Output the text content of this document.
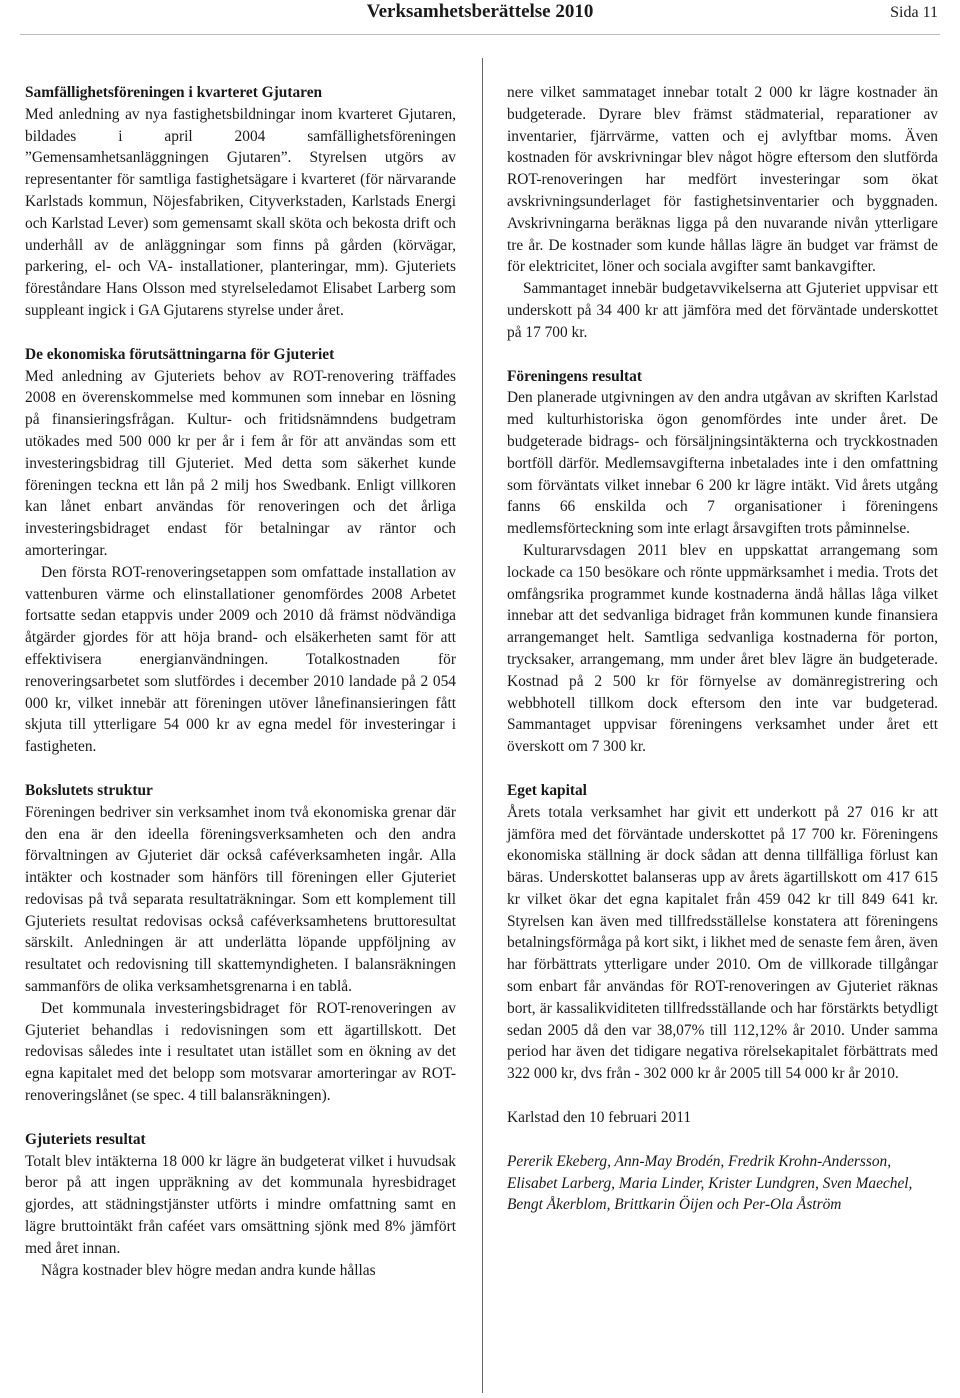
Verksamhetsberättelse 2010	Sida 11

Samfällighetsföreningen i kvarteret Gjutaren

Med anledning av nya fastighetsbildningar inom kvarteret Gjutaren, bildades i april 2004 samfällighetsföreningen ”Gemensamhetsanläggningen Gjutaren”. Styrelsen utgörs av representanter för samtliga fastighetsägare i kvarteret (för närvarande Karlstads kommun, Nöjesfabriken, Cityverkstaden, Karlstads Energi och Karlstad Lever) som gemensamt skall sköta och bekosta drift och underhåll av de anläggningar som finns på gården (körvägar, parkering, el- och VA- installationer, planteringar, mm). Gjuteriets föreståndare Hans Olsson med styrelseledamot Elisabet Larberg som suppleant ingick i GA Gjutarens styrelse under året.

De ekonomiska förutsättningarna för Gjuteriet

Med anledning av Gjuteriets behov av ROT-renovering träffades 2008 en överenskommelse med kommunen som innebar en lösning på finansieringsfrågan. Kultur- och fritidsnämndens budgetram utökades med 500 000 kr per år i fem år för att användas som ett investeringsbidrag till Gjuteriet. Med detta som säkerhet kunde föreningen teckna ett lån på 2 milj hos Swedbank. Enligt villkoren kan lånet enbart användas för renoveringen och det årliga investeringsbidraget endast för betalningar av räntor och amorteringar.

Den första ROT-renoveringsetappen som omfattade installation av vattenburen värme och elinstallationer genomfördes 2008 Arbetet fortsatte sedan etappvis under 2009 och 2010 då främst nödvändiga åtgärder gjordes för att höja brand- och elsäkerheten samt för att effektivisera energianvändningen. Totalkostnaden för renoveringsarbetet som slutfördes i december 2010 landade på 2 054 000 kr, vilket innebär att föreningen utöver lånefinansieringen fått skjuta till ytterligare 54 000 kr av egna medel för investeringar i fastigheten.

Bokslutets struktur

Föreningen bedriver sin verksamhet inom två ekonomiska grenar där den ena är den ideella föreningsverksamheten och den andra förvaltningen av Gjuteriet där också caféverksamheten ingår. Alla intäkter och kostnader som hänförs till föreningen eller Gjuteriet redovisas på två separata resultaträkningar. Som ett komplement till Gjuteriets resultat redovisas också caféverksamhetens bruttoresultat särskilt. Anledningen är att underlätta löpande uppföljning av resultatet och redovisning till skattemyndigheten. I balansräkningen sammanförs de olika verksamhetsgrenarna i en tablå.

Det kommunala investeringsbidraget för ROT-renoveringen av Gjuteriet behandlas i redovisningen som ett ägartillskott. Det redovisas således inte i resultatet utan istället som en ökning av det egna kapitalet med det belopp som motsvarar amorteringar av ROT-renoveringslånet (se spec. 4 till balansräkningen).

Gjuteriets resultat

Totalt blev intäkterna 18 000 kr lägre än budgeterat vilket i huvudsak beror på att ingen uppräkning av det kommunala hyresbidraget gjordes, att städningstjänster utförts i mindre omfattning samt en lägre bruttointäkt från caféet vars omsättning sjönk med 8% jämfört med året innan.

Några kostnader blev högre medan andra kunde hållas

nere vilket sammataget innebar totalt 2 000 kr lägre kostnader än budgeterade. Dyrare blev främst städmaterial, reparationer av inventarier, fjärrvärme, vatten och ej avlyftbar moms. Även kostnaden för avskrivningar blev något högre eftersom den slutförda ROT-renoveringen har medfört investeringar som ökat avskrivningsunderlaget för fastighetsinventarier och byggnaden. Avskrivningarna beräknas ligga på den nuvarande nivån ytterligare tre år. De kostnader som kunde hållas lägre än budget var främst de för elektricitet, löner och sociala avgifter samt bankavgifter.

Sammantaget innebär budgetavvikelserna att Gjuteriet uppvisar ett underskott på 34 400 kr att jämföra med det förväntade underskottet på 17 700 kr.

Föreningens resultat

Den planerade utgivningen av den andra utgåvan av skriften Karlstad med kulturhistoriska ögon genomfördes inte under året. De budgeterade bidrags- och försäljningsintäkterna och tryckkostnaden bortföll därför. Medlemsavgifterna inbetalades inte i den omfattning som förväntats vilket innebar 6 200 kr lägre intäkt. Vid årets utgång fanns 66 enskilda och 7 organisationer i föreningens medlemsförteckning som inte erlagt årsavgiften trots påminnelse.

Kulturarvsdagen 2011 blev en uppskattat arrangemang som lockade ca 150 besökare och rönte uppmärksamhet i media. Trots det omfångsrika programmet kunde kostnaderna ändå hållas låga vilket innebar att det sedvanliga bidraget från kommunen kunde finansiera arrangemanget helt. Samtliga sedvanliga kostnaderna för porton, trycksaker, arrangemang, mm under året blev lägre än budgeterade. Kostnad på 2 500 kr för förnyelse av domänregistrering och webbhotell tillkom dock eftersom den inte var budgeterad. Sammantaget uppvisar föreningens verksamhet under året ett överskott om 7 300 kr.

Eget kapital

Årets totala verksamhet har givit ett underkott på 27 016 kr att jämföra med det förväntade underskottet på 17 700 kr. Föreningens ekonomiska ställning är dock sådan att denna tillfälliga förlust kan bäras. Underskottet balanseras upp av årets ägartillskott om 417 615 kr vilket ökar det egna kapitalet från 459 042 kr till 849 641 kr. Styrelsen kan även med tillfredsställelse konstatera att föreningens betalningsförmåga på kort sikt, i likhet med de senaste fem åren, även har förbättrats ytterligare under 2010. Om de villkorade tillgångar som enbart får användas för ROT-renoveringen av Gjuteriet räknas bort, är kassalikviditeten tillfredsställande och har förstärkts betydligt sedan 2005 då den var 38,07% till 112,12% år 2010. Under samma period har även det tidigare negativa rörelsekapitalet förbättrats med 322 000 kr, dvs från - 302 000 kr år 2005 till 54 000 kr år 2010.

Karlstad den 10 februari 2011

Pererik Ekeberg, Ann-May Brodén, Fredrik Krohn-Andersson, Elisabet Larberg, Maria Linder, Krister Lundgren, Sven Maechel, Bengt Åkerblom, Brittkarin Öijen och Per-Ola Åström
